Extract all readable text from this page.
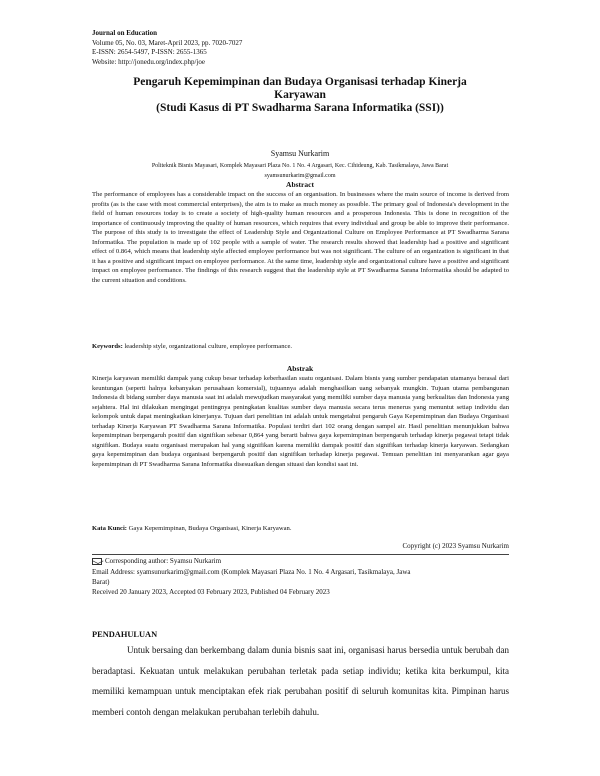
Journal on Education
Volume 05, No. 03, Maret-April 2023, pp. 7020-7027
E-ISSN: 2654-5497, P-ISSN: 2655-1365
Website: http://jonedu.org/index.php/joe
Pengaruh Kepemimpinan dan Budaya Organisasi terhadap Kinerja
Karyawan
(Studi Kasus di PT Swadharma Sarana Informatika (SSI))
Syamsu Nurkarim
Politeknik Bisnis Mayasari, Komplek Mayasari Plaza No. 1 No. 4 Argasari, Kec. Cihideung, Kab. Tasikmalaya, Jawa Barat
syamsunurkarim@gmail.com
Abstract

The performance of employees has a considerable impact on the success of an organisation. In businesses where the main source of income is derived from profits (as is the case with most commercial enterprises), the aim is to make as much money as possible. The primary goal of Indonesia's development in the field of human resources today is to create a society of high-quality human resources and a prosperous Indonesia. This is done in recognition of the importance of continuously improving the quality of human resources, which requires that every individual and group be able to improve their performance. The purpose of this study is to investigate the effect of Leadership Style and Organizational Culture on Employee Performance at PT Swadharma Sarana Informatika. The population is made up of 102 people with a sample of water. The research results showed that leadership had a positive and significant effect of 0.864, which means that leadership style affected employee performance but was not significant. The culture of an organization is significant in that it has a positive and significant impact on employee performance. At the same time, leadership style and organizational culture have a positive and significant impact on employee performance. The findings of this research suggest that the leadership style at PT Swadharma Sarana Informatika should be adapted to the current situation and conditions.

Keywords: leadership style, organizational culture, employee performance.
Abstrak

Kinerja karyawan memiliki dampak yang cukup besar terhadap keberhasilan suatu organisasi. Dalam bisnis yang sumber pendapatan utamanya berasal dari keuntungan (seperti halnya kebanyakan perusahaan komersial), tujuannya adalah menghasilkan uang sebanyak mungkin. Tujuan utama pembangunan Indonesia di bidang sumber daya manusia saat ini adalah mewujudkan masyarakat yang memiliki sumber daya manusia yang berkualitas dan Indonesia yang sejahtera. Hal ini dilakukan mengingat pentingnya peningkatan kualitas sumber daya manusia secara terus menerus yang menuntut setiap individu dan kelompok untuk dapat meningkatkan kinerjanya. Tujuan dari penelitian ini adalah untuk mengetahui pengaruh Gaya Kepemimpinan dan Budaya Organisasi terhadap Kinerja Karyawan PT Swadharma Sarana Informatika. Populasi terdiri dari 102 orang dengan sampel air. Hasil penelitian menunjukkan bahwa kepemimpinan berpengaruh positif dan signifikan sebesar 0,864 yang berarti bahwa gaya kepemimpinan berpengaruh terhadap kinerja pegawai tetapi tidak signifikan. Budaya suatu organisasi merupakan hal yang signifikan karena memiliki dampak positif dan signifikan terhadap kinerja karyawan. Sedangkan gaya kepemimpinan dan budaya organisasi berpengaruh positif dan signifikan terhadap kinerja pegawai. Temuan penelitian ini menyarankan agar gaya kepemimpinan di PT Swadharma Sarana Informatika disesuaikan dengan situasi dan kondisi saat ini.

Kata Kunci: Gaya Kepemimpinan, Budaya Organisasi, Kinerja Karyawan.
Copyright (c) 2023 Syamsu Nurkarim
Corresponding author: Syamsu Nurkarim
Email Address: syamsunurkarim@gmail.com (Komplek Mayasari Plaza No. 1 No. 4 Argasari, Tasikmalaya, Jawa Barat)
Received 20 January 2023, Accepted 03 February 2023, Published 04 February 2023
PENDAHULUAN

Untuk bersaing dan berkembang dalam dunia bisnis saat ini, organisasi harus bersedia untuk berubah dan beradaptasi. Kekuatan untuk melakukan perubahan terletak pada setiap individu; ketika kita berkumpul, kita memiliki kemampuan untuk menciptakan efek riak perubahan positif di seluruh komunitas kita. Pimpinan harus memberi contoh dengan melakukan perubahan terlebih dahulu.
